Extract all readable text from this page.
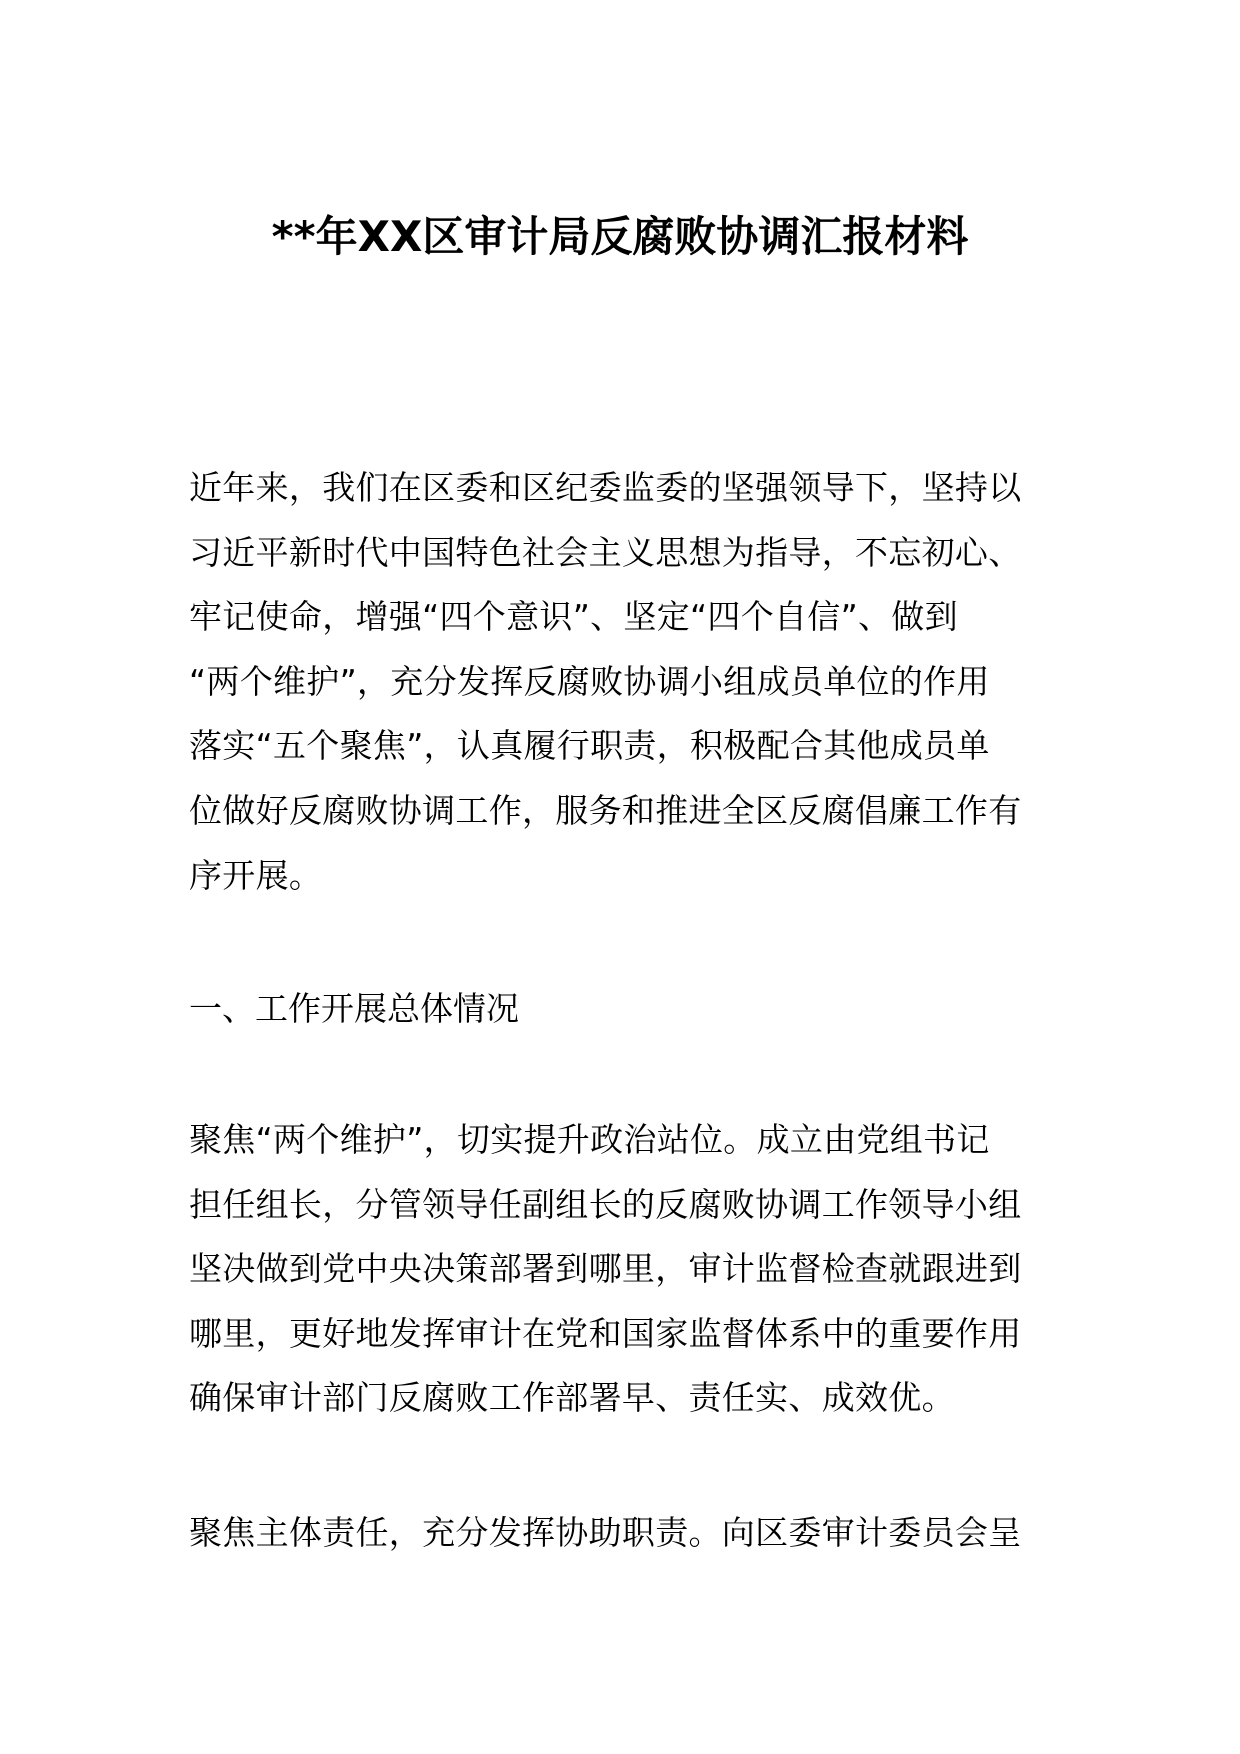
**年XX区审计局反腐败协调汇报材料
近年来，我们在区委和区纪委监委的坚强领导下，坚持以
习近平新时代中国特色社会主义思想为指导，不忘初心、
牢记使命，增强“四个意识”、坚定“四个自信”、做到
“两个维护”，充分发挥反腐败协调小组成员单位的作用
落实“五个聚焦”，认真履行职责，积极配合其他成员单
位做好反腐败协调工作，服务和推进全区反腐倡廉工作有
序开展。
一、工作开展总体情况
聚焦“两个维护”，切实提升政治站位。成立由党组书记
担任组长，分管领导任副组长的反腐败协调工作领导小组
坚决做到党中央决策部署到哪里，审计监督检查就跟进到
哪里，更好地发挥审计在党和国家监督体系中的重要作用
确保审计部门反腐败工作部署早、责任实、成效优。
聚焦主体责任，充分发挥协助职责。向区委审计委员会呈
